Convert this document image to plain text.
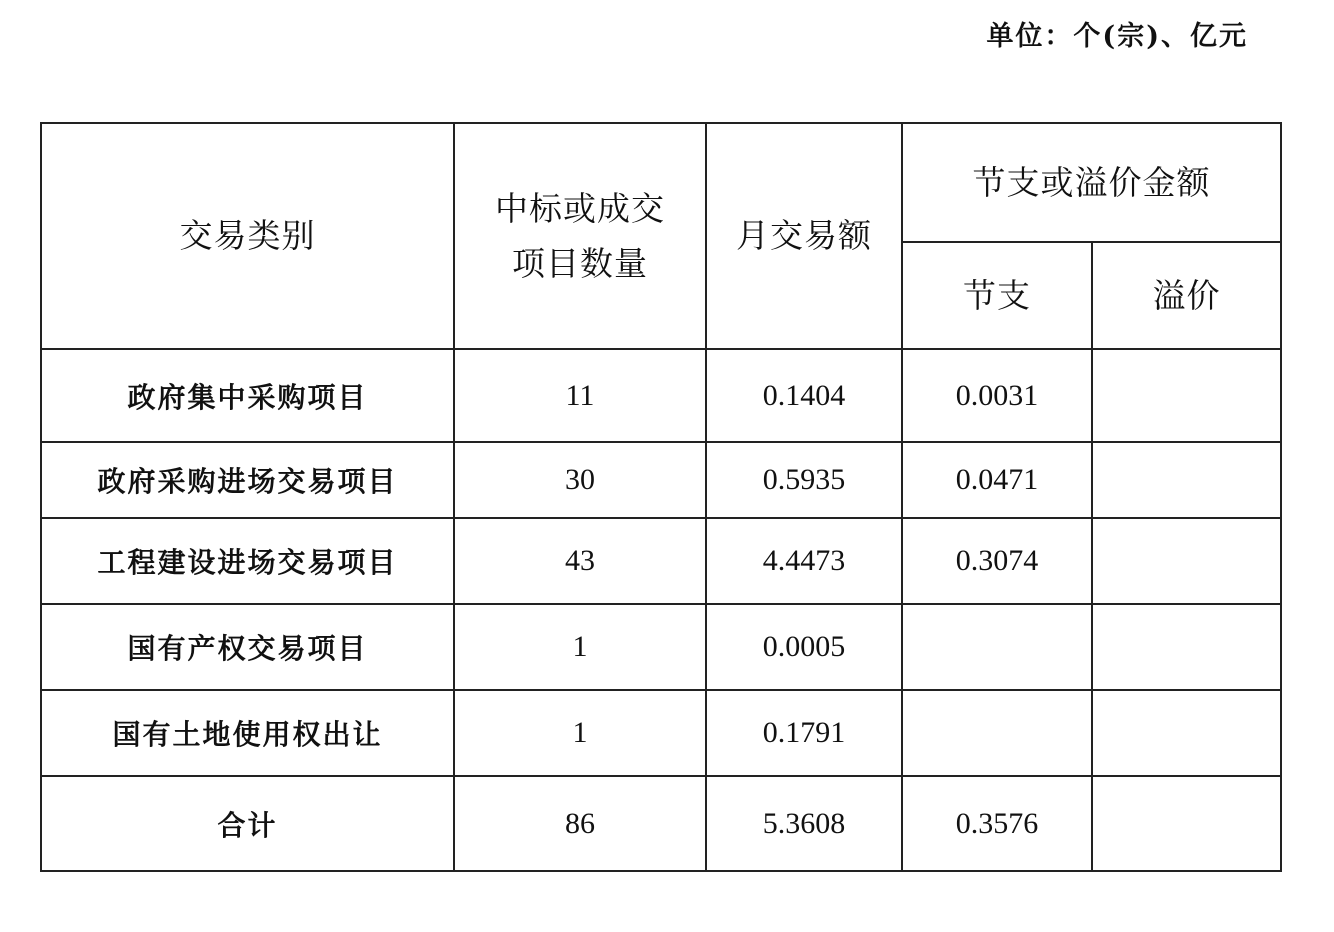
单位：个(宗)、亿元
交易类别	中标或成交
项目数量	月交易额	节支或溢价金额	
			节支	溢价
政府集中采购项目	11	0.1404	0.0031	
政府采购进场交易项目	30	0.5935	0.0471	
工程建设进场交易项目	43	4.4473	0.3074	
国有产权交易项目	1	0.0005		
国有土地使用权出让	1	0.1791		
合计	86	5.3608	0.3576	
